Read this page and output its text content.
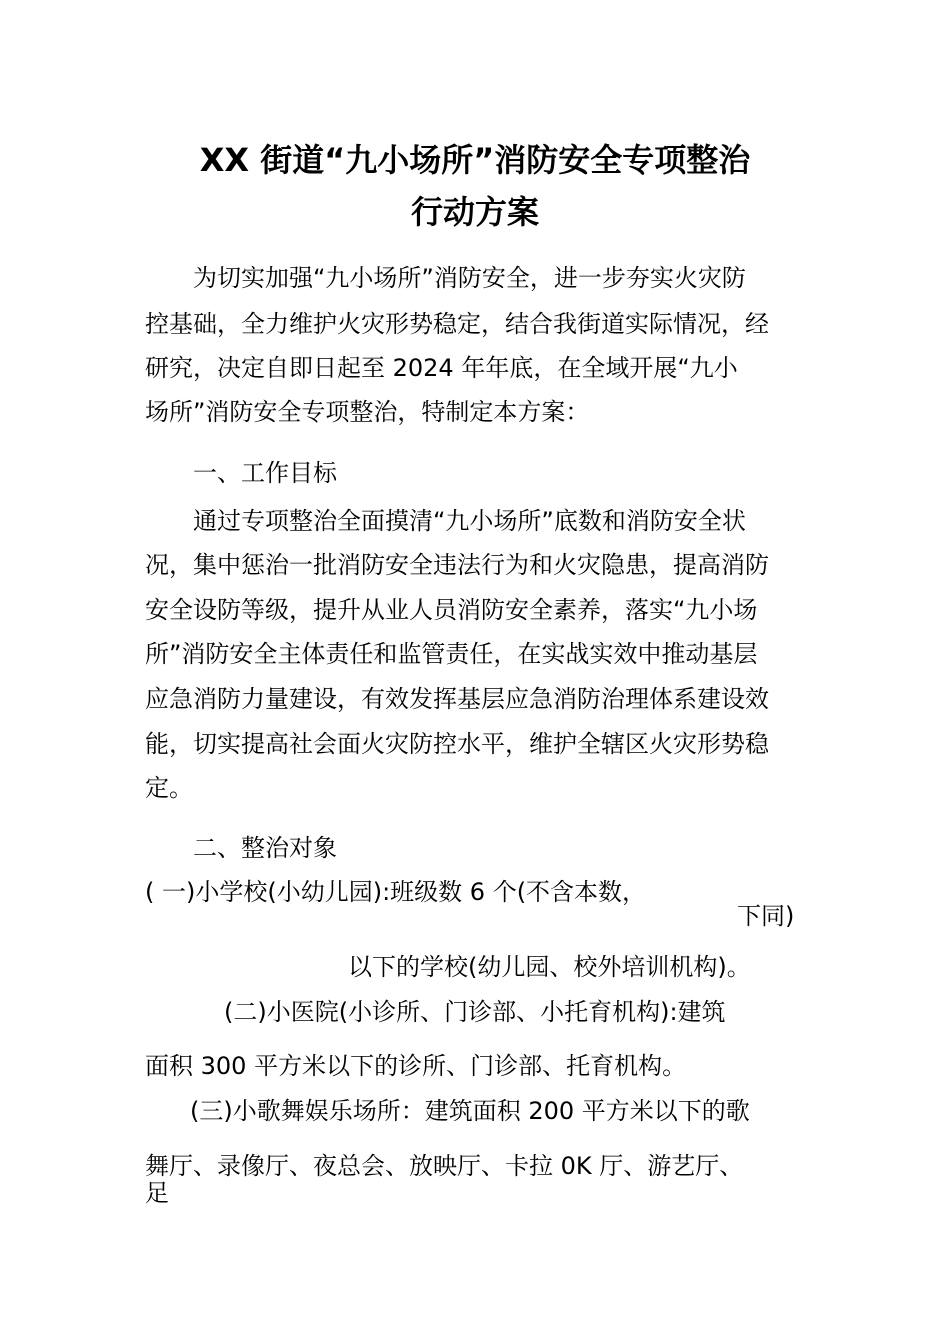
XX 街道“九小场所”消防安全专项整治
行动方案

为切实加强“九小场所”消防安全，进一步夯实火灾防

控基础，全力维护火灾形势稳定，结合我街道实际情况，经

研究，决定自即日起至 2024 年年底，在全域开展“九小

场所”消防安全专项整治，特制定本方案：

一、工作目标

通过专项整治全面摸清“九小场所”底数和消防安全状

况，集中惩治一批消防安全违法行为和火灾隐患，提高消防

安全设防等级，提升从业人员消防安全素养，落实“九小场

所”消防安全主体责任和监管责任，在实战实效中推动基层

应急消防力量建设，有效发挥基层应急消防治理体系建设效

能，切实提高社会面火灾防控水平，维护全辖区火灾形势稳

定。

二、整治对象

( 一)小学校(小幼儿园):班级数 6 个(不含本数，

下同)

以下的学校(幼儿园、校外培训机构)。

(二)小医院(小诊所、门诊部、小托育机构):建筑

面积 300 平方米以下的诊所、门诊部、托育机构。

(三)小歌舞娱乐场所：建筑面积 200 平方米以下的歌

舞厅、录像厅、夜总会、放映厅、卡拉 0K 厅、游艺厅、

足
